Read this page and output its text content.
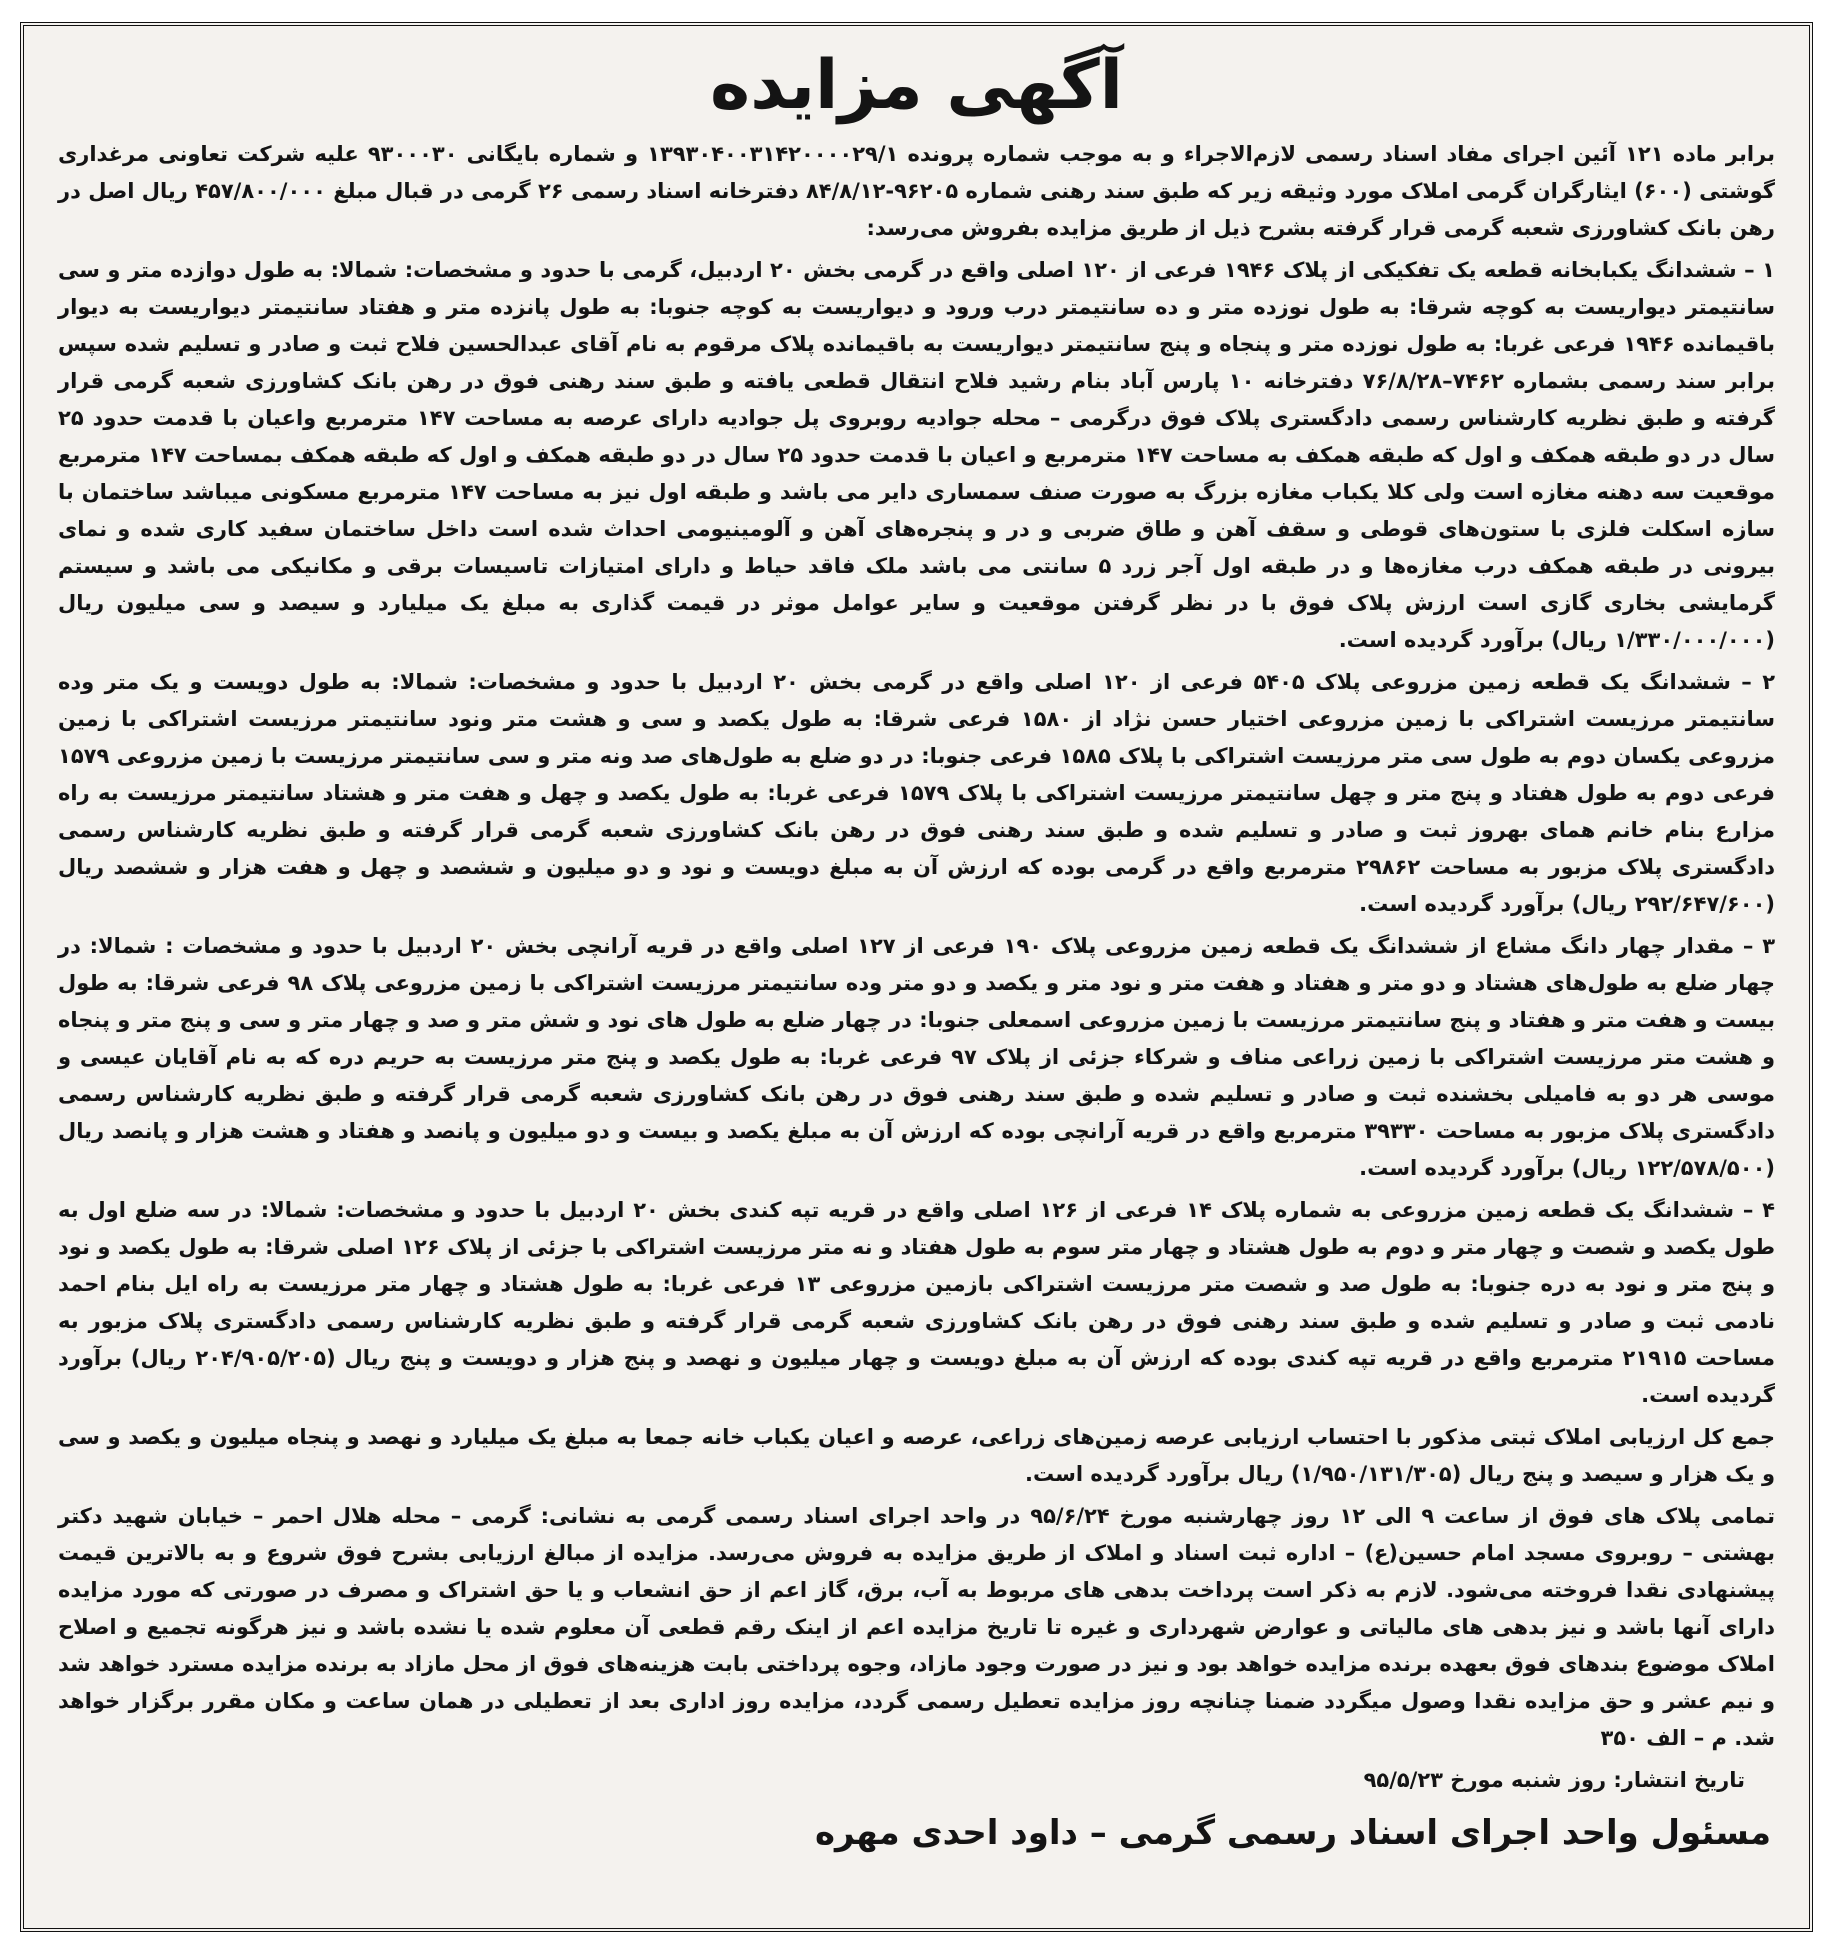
آگهی مزایده

برابر ماده ۱۲۱ آئین اجرای مفاد اسناد رسمی لازم‌الاجراء و به موجب شماره پرونده ۱۳۹۳۰۴۰۰۳۱۴۲۰۰۰۰۲۹/۱ و شماره بایگانی ۹۳۰۰۰۳۰ علیه شرکت تعاونی مرغداری گوشتی (۶۰۰) ایثارگران گرمی املاک مورد وثیقه زیر که طبق سند رهنی شماره ۹۶۲۰۵-۸۴/۸/۱۲ دفترخانه اسناد رسمی ۲۶ گرمی در قبال مبلغ ۴۵۷/۸۰۰/۰۰۰ ریال اصل در رهن بانک کشاورزی شعبه گرمی قرار گرفته بشرح ذیل از طریق مزایده بفروش می‌رسد:

۱ – ششدانگ یکبابخانه قطعه یک تفکیکی از پلاک ۱۹۴۶ فرعی از ۱۲۰ اصلی واقع در گرمی بخش ۲۰ اردبیل، گرمی با حدود و مشخصات: شمالا: به طول دوازده متر و سی سانتیمتر دیواریست به کوچه شرقا: به طول نوزده متر و ده سانتیمتر درب ورود و دیواریست به کوچه جنوبا: به طول پانزده متر و هفتاد سانتیمتر دیواریست به دیوار باقیمانده ۱۹۴۶ فرعی غربا: به طول نوزده متر و پنجاه و پنج سانتیمتر دیواریست به باقیمانده پلاک مرقوم به نام آقای عبدالحسین فلاح ثبت و صادر و تسلیم شده سپس برابر سند رسمی بشماره ۷۴۶۲–۷۶/۸/۲۸ دفترخانه ۱۰ پارس آباد بنام رشید فلاح انتقال قطعی یافته و طبق سند رهنی فوق در رهن بانک کشاورزی شعبه گرمی قرار گرفته و طبق نظریه کارشناس رسمی دادگستری پلاک فوق درگرمی – محله جوادیه روبروی پل جوادیه دارای عرصه به مساحت ۱۴۷ مترمربع واعیان با قدمت حدود ۲۵ سال در دو طبقه همکف و اول که طبقه همکف به مساحت ۱۴۷ مترمربع و اعیان با قدمت حدود ۲۵ سال در دو طبقه همکف و اول که طبقه همکف بمساحت ۱۴۷ مترمربع موقعیت سه دهنه مغازه است ولی کلا یکباب مغازه بزرگ به صورت صنف سمساری دایر می باشد و طبقه اول نیز به مساحت ۱۴۷ مترمربع مسکونی میباشد ساختمان با سازه اسکلت فلزی با ستون‌های قوطی و سقف آهن و طاق ضربی و در و پنجره‌های آهن و آلومینیومی احداث شده است داخل ساختمان سفید کاری شده و نمای بیرونی در طبقه همکف درب مغازه‌ها و در طبقه اول آجر زرد ۵ سانتی می باشد ملک فاقد حیاط و دارای امتیازات تاسیسات برقی و مکانیکی می باشد و سیستم گرمایشی بخاری گازی است ارزش پلاک فوق با در نظر گرفتن موقعیت و سایر عوامل موثر در قیمت گذاری به مبلغ یک میلیارد و سیصد و سی میلیون ریال (۱/۳۳۰/۰۰۰/۰۰۰ ریال) برآورد گردیده است.

۲ – ششدانگ یک قطعه زمین مزروعی پلاک ۵۴۰۵ فرعی از ۱۲۰ اصلی واقع در گرمی بخش ۲۰ اردبیل با حدود و مشخصات: شمالا: به طول دویست و یک متر وده سانتیمتر مرزیست اشتراکی با زمین مزروعی اختیار حسن نژاد از ۱۵۸۰ فرعی شرقا: به طول یکصد و سی و هشت متر ونود سانتیمتر مرزیست اشتراکی با زمین مزروعی یکسان دوم به طول سی متر مرزیست اشتراکی با پلاک ۱۵۸۵ فرعی جنوبا: در دو ضلع به طول‌های صد ونه متر و سی سانتیمتر مرزیست با زمین مزروعی ۱۵۷۹ فرعی دوم به طول هفتاد و پنج متر و چهل سانتیمتر مرزیست اشتراکی با پلاک ۱۵۷۹ فرعی غربا: به طول یکصد و چهل و هفت متر و هشتاد سانتیمتر مرزیست به راه مزارع بنام خانم همای بهروز ثبت و صادر و تسلیم شده و طبق سند رهنی فوق در رهن بانک کشاورزی شعبه گرمی قرار گرفته و طبق نظریه کارشناس رسمی دادگستری پلاک مزبور به مساحت ۲۹۸۶۲ مترمربع واقع در گرمی بوده که ارزش آن به مبلغ دویست و نود و دو میلیون و ششصد و چهل و هفت هزار و ششصد ریال (۲۹۲/۶۴۷/۶۰۰ ریال) برآورد گردیده است.

۳ – مقدار چهار دانگ مشاع از ششدانگ یک قطعه زمین مزروعی پلاک ۱۹۰ فرعی از ۱۲۷ اصلی واقع در قریه آرانچی بخش ۲۰ اردبیل با حدود و مشخصات : شمالا: در چهار ضلع به طول‌های هشتاد و دو متر و هفتاد و هفت متر و نود متر و یکصد و دو متر وده سانتیمتر مرزیست اشتراکی با زمین مزروعی پلاک ۹۸ فرعی شرقا: به طول بیست و هفت متر و هفتاد و پنج سانتیمتر مرزیست با زمین مزروعی اسمعلی جنوبا: در چهار ضلع به طول های نود و شش متر و صد و چهار متر و سی و پنج متر و پنجاه و هشت متر مرزیست اشتراکی با زمین زراعی مناف و شرکاء جزئی از پلاک ۹۷ فرعی غربا: به طول یکصد و پنج متر مرزیست به حریم دره که به نام آقایان عیسی و موسی هر دو به فامیلی بخشنده ثبت و صادر و تسلیم شده و طبق سند رهنی فوق در رهن بانک کشاورزی شعبه گرمی قرار گرفته و طبق نظریه کارشناس رسمی دادگستری پلاک مزبور به مساحت ۳۹۳۳۰ مترمربع واقع در قریه آرانچی بوده که ارزش آن به مبلغ یکصد و بیست و دو میلیون و پانصد و هفتاد و هشت هزار و پانصد ریال (۱۲۲/۵۷۸/۵۰۰ ریال) برآورد گردیده است.

۴ – ششدانگ یک قطعه زمین مزروعی به شماره پلاک ۱۴ فرعی از ۱۲۶ اصلی واقع در قریه تپه کندی بخش ۲۰ اردبیل با حدود و مشخصات: شمالا: در سه ضلع اول به طول یکصد و شصت و چهار متر و دوم به طول هشتاد و چهار متر سوم به طول هفتاد و نه متر مرزیست اشتراکی با جزئی از پلاک ۱۲۶ اصلی شرقا: به طول یکصد و نود و پنج متر و نود به دره جنوبا: به طول صد و شصت متر مرزیست اشتراکی بازمین مزروعی ۱۳ فرعی غربا: به طول هشتاد و چهار متر مرزیست به راه ایل بنام احمد نادمی ثبت و صادر و تسلیم شده و طبق سند رهنی فوق در رهن بانک کشاورزی شعبه گرمی قرار گرفته و طبق نظریه کارشناس رسمی دادگستری پلاک مزبور به مساحت ۲۱۹۱۵ مترمربع واقع در قریه تپه کندی بوده که ارزش آن به مبلغ دویست و چهار میلیون و نهصد و پنج هزار و دویست و پنج ریال (۲۰۴/۹۰۵/۲۰۵ ریال) برآورد گردیده است.

جمع کل ارزیابی املاک ثبتی مذکور با احتساب ارزیابی عرصه زمین‌های زراعی، عرصه و اعیان یکباب خانه جمعا به مبلغ یک میلیارد و نهصد و پنجاه میلیون و یکصد و سی و یک هزار و سیصد و پنج ریال (۱/۹۵۰/۱۳۱/۳۰۵) ریال برآورد گردیده است.

تمامی پلاک های فوق از ساعت ۹ الی ۱۲ روز چهارشنبه مورخ ۹۵/۶/۲۴ در واحد اجرای اسناد رسمی گرمی به نشانی: گرمی – محله هلال احمر – خیابان شهید دکتر بهشتی – روبروی مسجد امام حسین(ع) – اداره ثبت اسناد و املاک از طریق مزایده به فروش می‌رسد. مزایده از مبالغ ارزیابی بشرح فوق شروع و به بالاترین قیمت پیشنهادی نقدا فروخته می‌شود. لازم به ذکر است پرداخت بدهی های مربوط به آب، برق، گاز اعم از حق انشعاب و یا حق اشتراک و مصرف در صورتی که مورد مزایده دارای آنها باشد و نیز بدهی های مالیاتی و عوارض شهرداری و غیره تا تاریخ مزایده اعم از اینک رقم قطعی آن معلوم شده یا نشده باشد و نیز هرگونه تجمیع و اصلاح املاک موضوع بندهای فوق بعهده برنده مزایده خواهد بود و نیز در صورت وجود مازاد، وجوه پرداختی بابت هزینه‌های فوق از محل مازاد به برنده مزایده مسترد خواهد شد و نیم عشر و حق مزایده نقدا وصول میگردد ضمنا چنانچه روز مزایده تعطیل رسمی گردد، مزایده روز اداری بعد از تعطیلی در همان ساعت و مکان مقرر برگزار خواهد شد. م – الف ۳۵۰

تاریخ انتشار: روز شنبه مورخ ۹۵/۵/۲۳
مسئول واحد اجرای اسناد رسمی گرمی – داود احدی مهره
